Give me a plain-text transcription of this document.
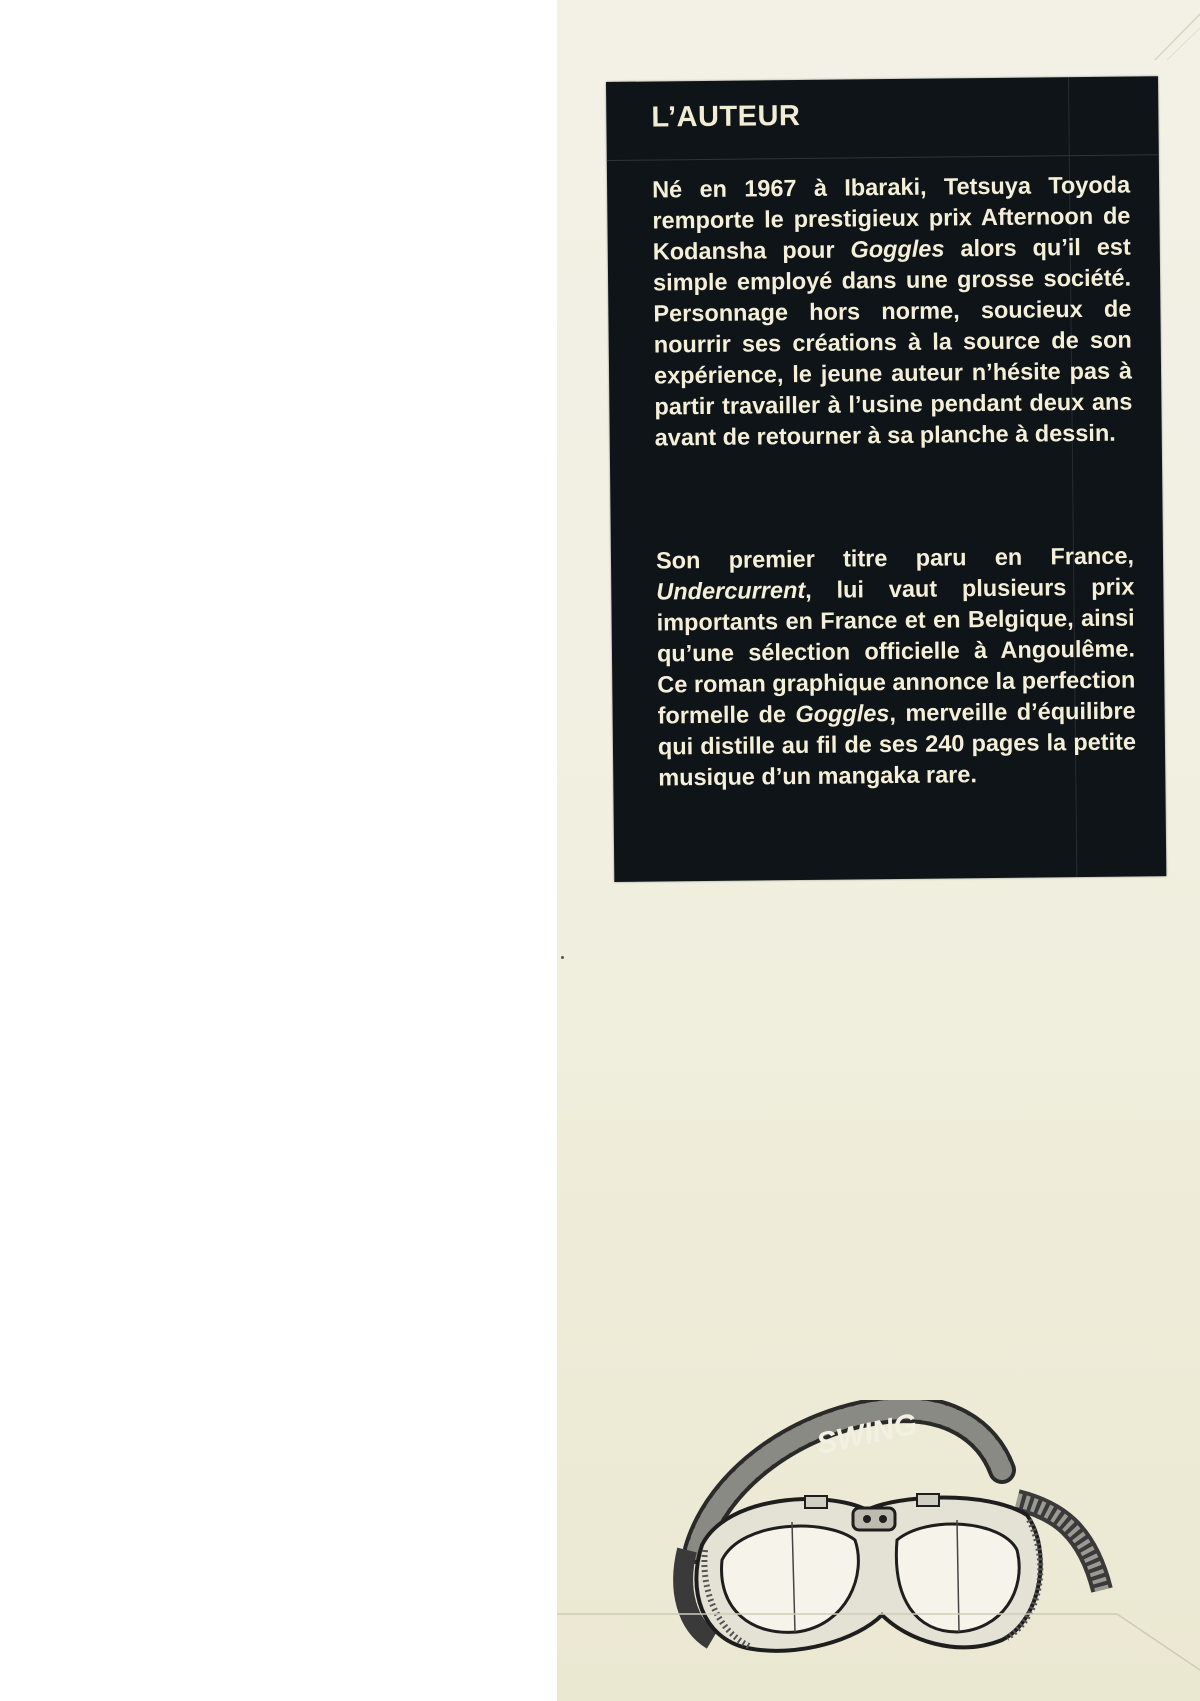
L’AUTEUR

Né en 1967 à Ibaraki, Tetsuya Toyoda remporte le prestigieux prix Afternoon de Kodansha pour Goggles alors qu’il est simple employé dans une grosse société. Personnage hors norme, soucieux de nourrir ses créations à la source de son expérience, le jeune auteur n’hésite pas à partir travailler à l’usine pendant deux ans avant de retourner à sa planche à dessin.

Son premier titre paru en France, Undercurrent, lui vaut plusieurs prix importants en France et en Belgique, ainsi qu’une sélection officielle à Angoulême. Ce roman graphique annonce la perfection formelle de Goggles, merveille d’équilibre qui distille au fil de ses 240 pages la petite musique d’un mangaka rare.

SWING
